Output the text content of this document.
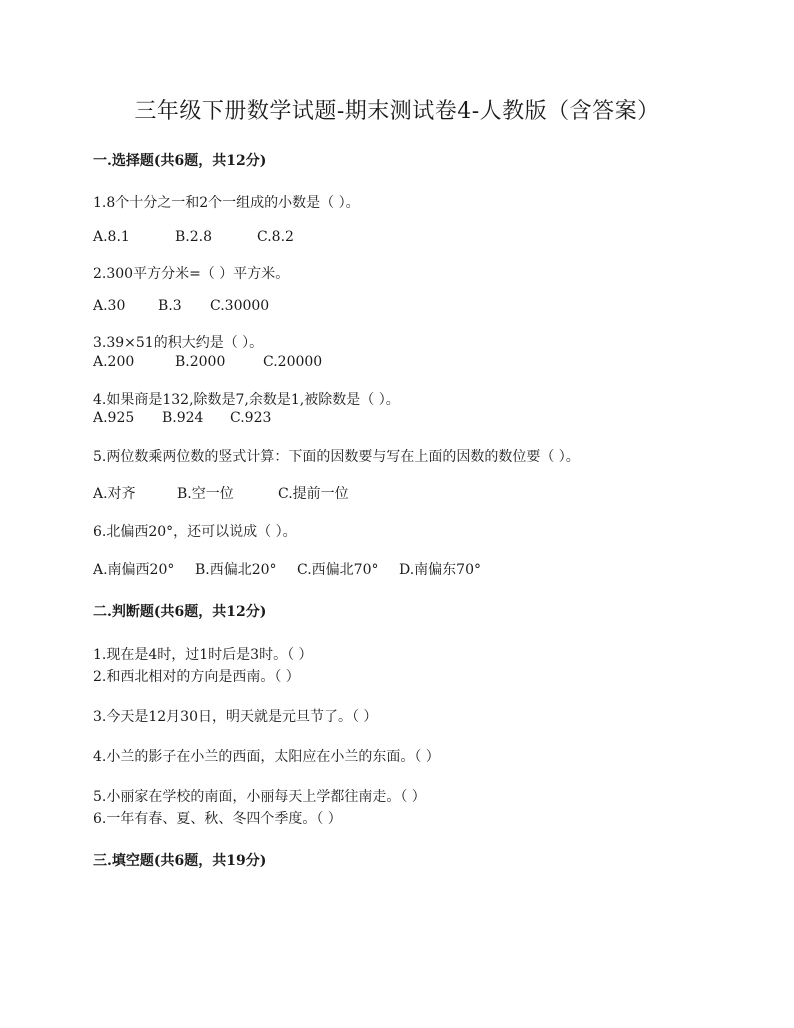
三年级下册数学试题-期末测试卷4-人教版（含答案）
一.选择题(共6题，共12分)
1.8个十分之一和2个一组成的小数是（ ）。
A.8.1	B.2.8	C.8.2
2.300平方分米=（ ）平方米。
A.30 B.3 C.30000
3.39×51的积大约是（ ）。
A.200	B.2000	C.20000
4.如果商是132,除数是7,余数是1,被除数是（ ）。
A.925 B.924 C.923
5.两位数乘两位数的竖式计算：下面的因数要与写在上面的因数的数位要（ ）。
A.对齐	B.空一位	C.提前一位
6.北偏西20°，还可以说成（ ）。
A.南偏西20° B.西偏北20° C.西偏北70° D.南偏东70°
二.判断题(共6题，共12分)
1.现在是4时，过1时后是3时。（ ）
2.和西北相对的方向是西南。（ ）
3.今天是12月30日，明天就是元旦节了。（ ）
4.小兰的影子在小兰的西面，太阳应在小兰的东面。（ ）
5.小丽家在学校的南面，小丽每天上学都往南走。（ ）
6.一年有春、夏、秋、冬四个季度。（ ）
三.填空题(共6题，共19分)
